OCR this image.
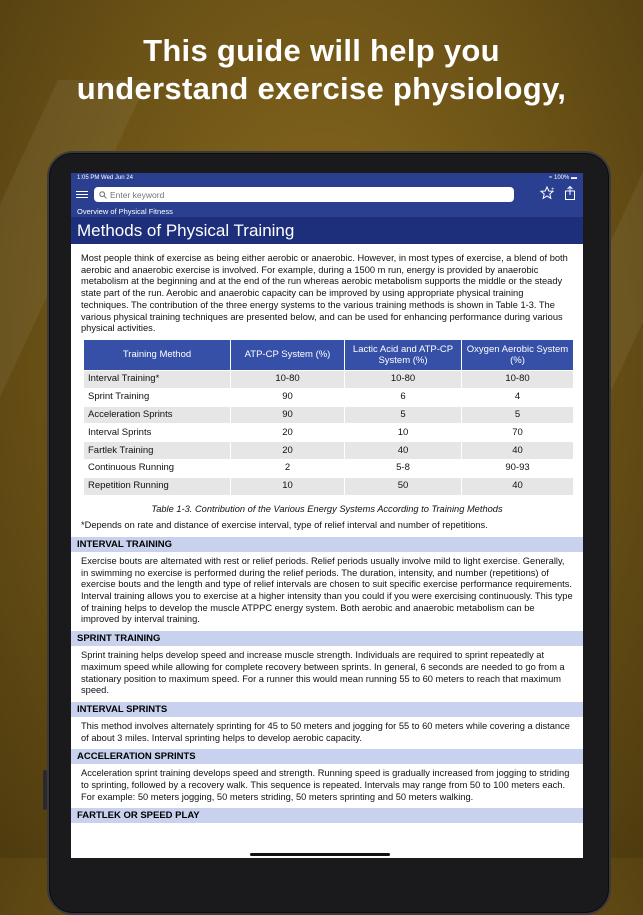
This guide will help you
understand exercise physiology,
1:05 PM Wed Jun 24	≈ 100% ▬
Enter keyword
+
Overview of Physical Fitness
Methods of Physical Training

Most people think of exercise as being either aerobic or anaerobic. However, in most types of exercise, a blend of both aerobic and anaerobic exercise is involved. For example, during a 1500 m run, energy is provided by anaerobic metabolism at the beginning and at the end of the run whereas aerobic metabolism supports the middle or the steady state part of the run. Aerobic and anaerobic capacity can be improved by using appropriate physical training techniques. The contribution of the three energy systems to the various training methods is shown in Table 1-3. The various physical training techniques are presented below, and can be used for enhancing performance during various physical activities.

Training Method	ATP-CP System (%)	Lactic Acid and ATP-CP System (%)	Oxygen Aerobic System (%)
Interval Training*	10-80	10-80	10-80
Sprint Training	90	6	4
Acceleration Sprints	90	5	5
Interval Sprints	20	10	70
Fartlek Training	20	40	40
Continuous Running	2	5-8	90-93
Repetition Running	10	50	40
Table 1-3. Contribution of the Various Energy Systems According to Training Methods
*Depends on rate and distance of exercise interval, type of relief interval and number of repetitions.
INTERVAL TRAINING
Exercise bouts are alternated with rest or relief periods. Relief periods usually involve mild to light exercise. Generally, in swimming no exercise is performed during the relief periods. The duration, intensity, and number (repetitions) of exercise bouts and the length and type of relief intervals are chosen to suit specific exercise performance requirements. Interval training allows you to exercise at a higher intensity than you could if you were exercising continuously. This type of training helps to develop the muscle ATPPC energy system. Both aerobic and anaerobic metabolism can be improved by interval training.
SPRINT TRAINING
Sprint training helps develop speed and increase muscle strength. Individuals are required to sprint repeatedly at maximum speed while allowing for complete recovery between sprints. In general, 6 seconds are needed to go from a stationary position to maximum speed. For a runner this would mean running 55 to 60 meters to reach that maximum speed.
INTERVAL SPRINTS
This method involves alternately sprinting for 45 to 50 meters and jogging for 55 to 60 meters while covering a distance of about 3 miles. Interval sprinting helps to develop aerobic capacity.
ACCELERATION SPRINTS
Acceleration sprint training develops speed and strength. Running speed is gradually increased from jogging to striding to sprinting, followed by a recovery walk. This sequence is repeated. Intervals may range from 50 to 100 meters each. For example: 50 meters jogging, 50 meters striding, 50 meters sprinting and 50 meters walking.
FARTLEK OR SPEED PLAY
